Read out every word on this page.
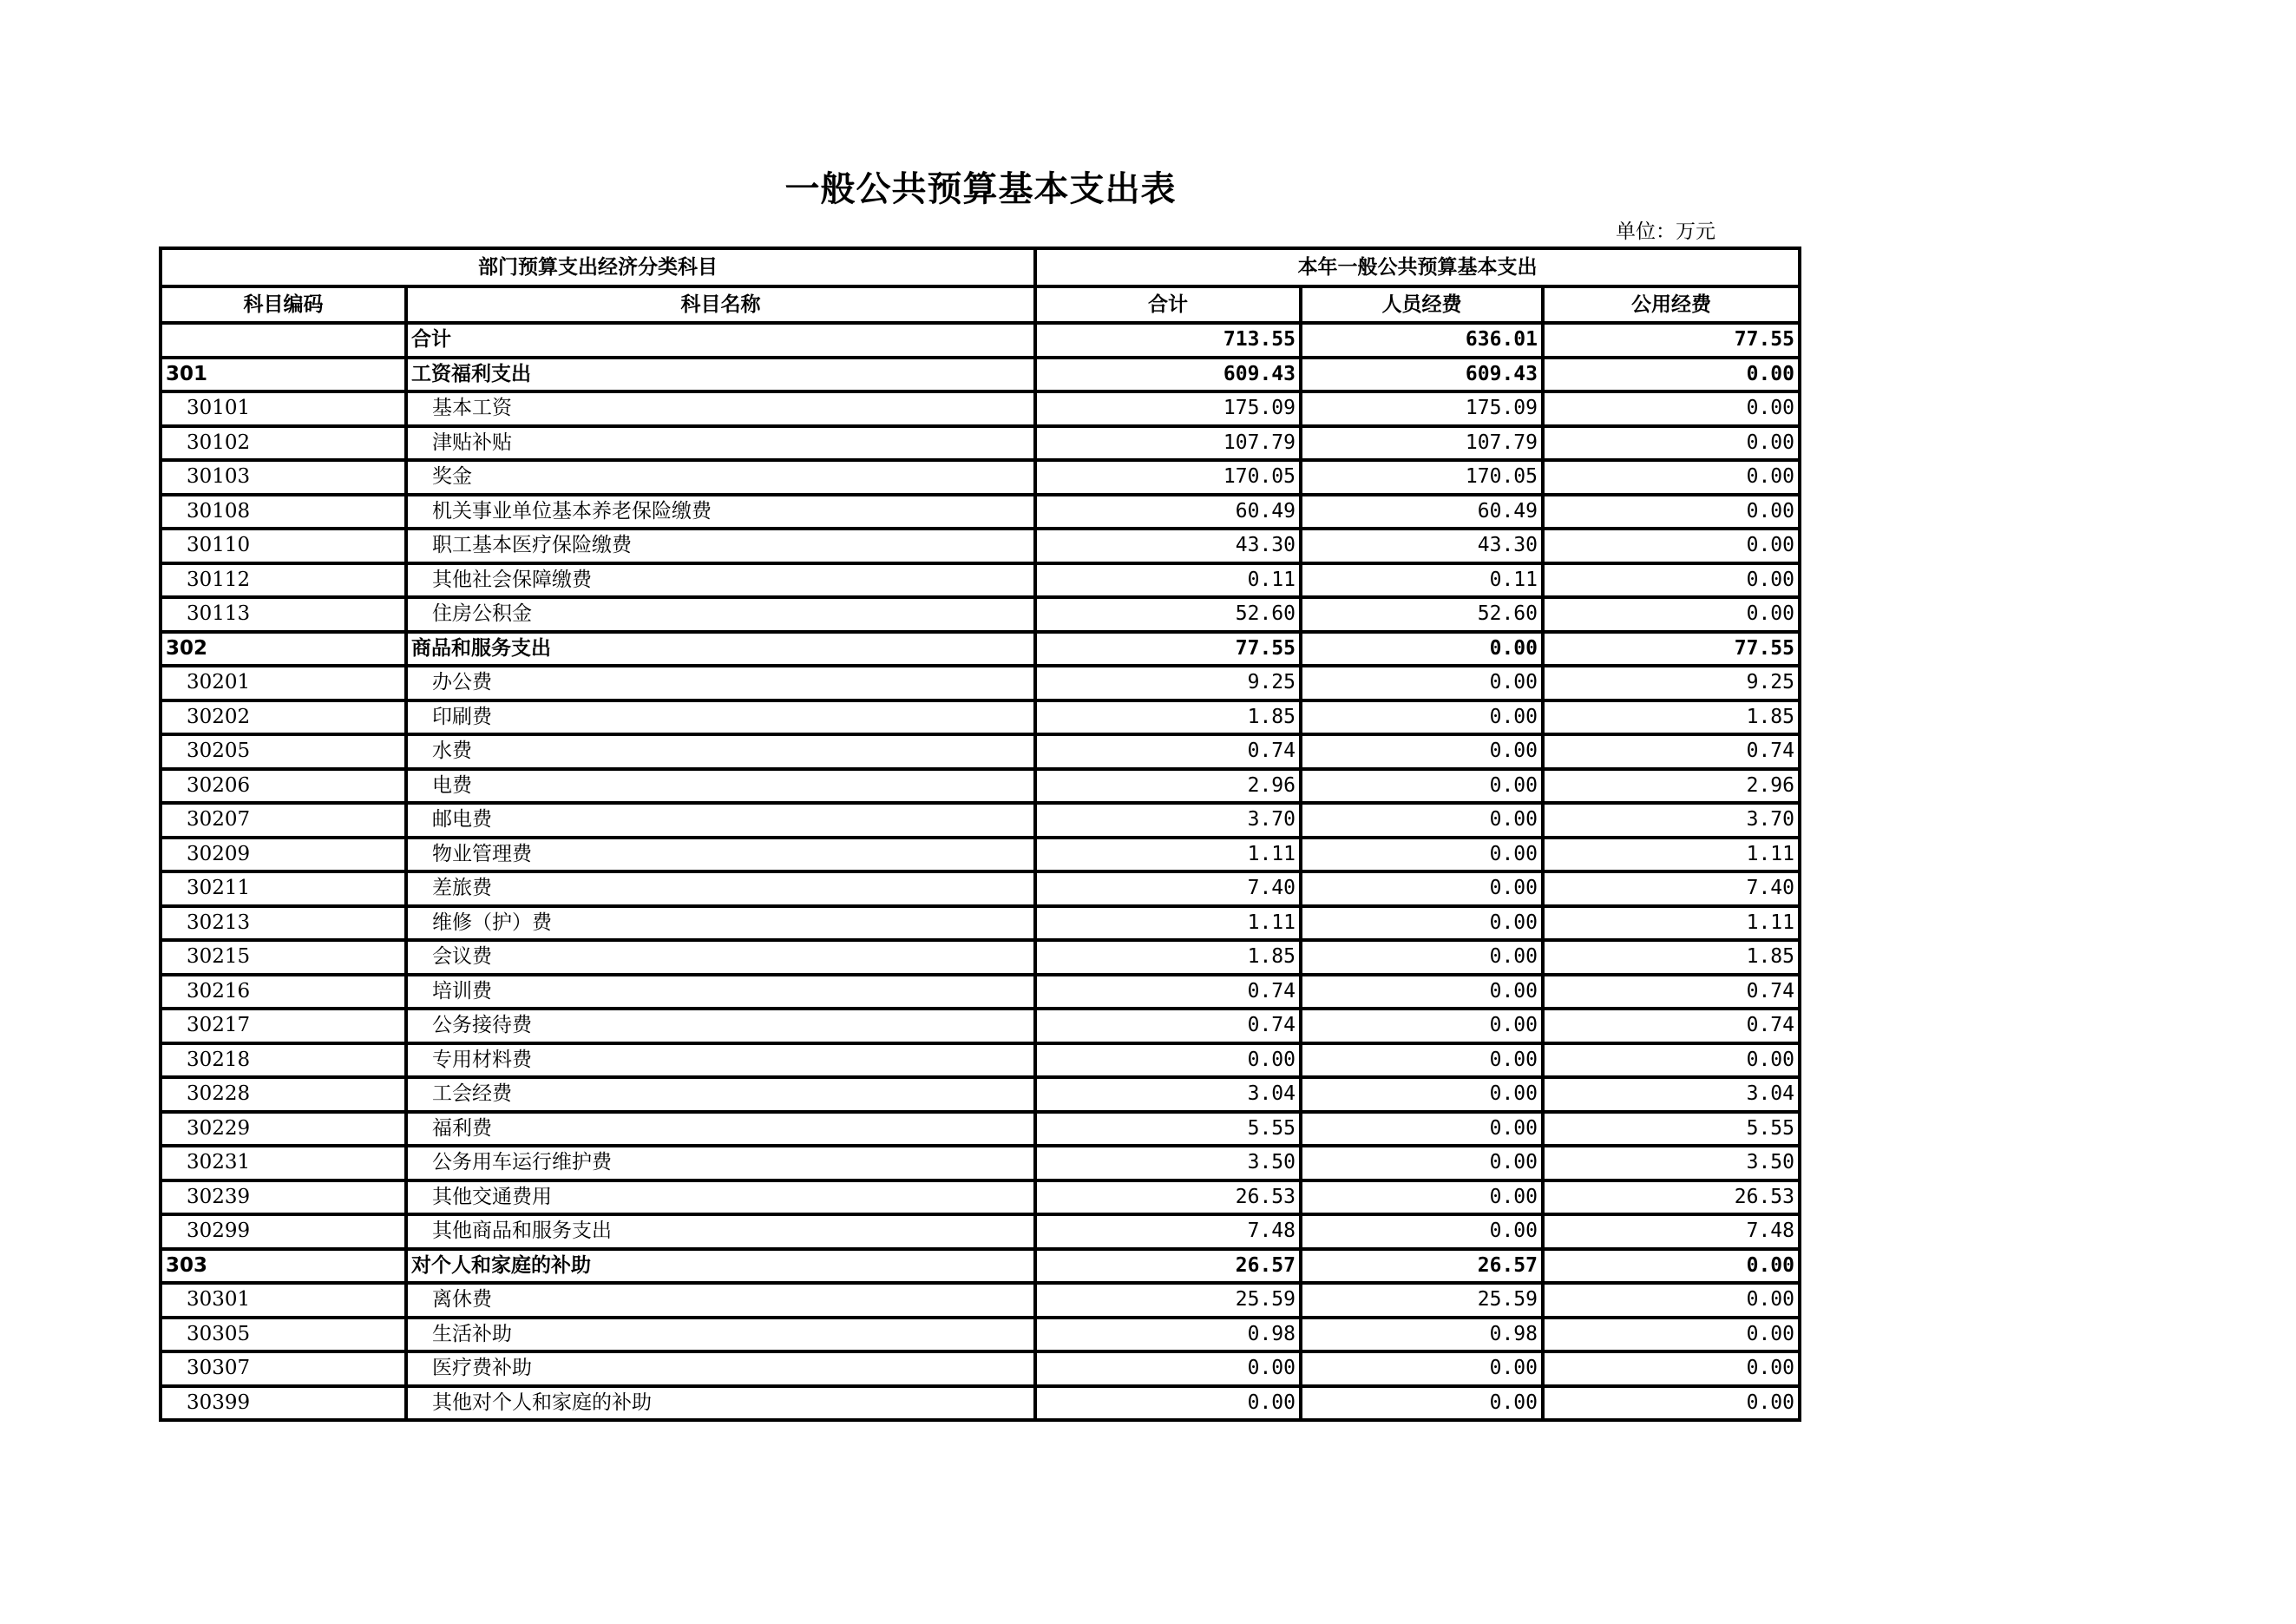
一般公共预算基本支出表
单位：万元
部门预算支出经济分类科目		本年一般公共预算基本支出		
科目编码	科目名称	合计	人员经费	公用经费
	合计	713.55	636.01	77.55
301	工资福利支出	609.43	609.43	0.00
30101	基本工资	175.09	175.09	0.00
30102	津贴补贴	107.79	107.79	0.00
30103	奖金	170.05	170.05	0.00
30108	机关事业单位基本养老保险缴费	60.49	60.49	0.00
30110	职工基本医疗保险缴费	43.30	43.30	0.00
30112	其他社会保障缴费	0.11	0.11	0.00
30113	住房公积金	52.60	52.60	0.00
302	商品和服务支出	77.55	0.00	77.55
30201	办公费	9.25	0.00	9.25
30202	印刷费	1.85	0.00	1.85
30205	水费	0.74	0.00	0.74
30206	电费	2.96	0.00	2.96
30207	邮电费	3.70	0.00	3.70
30209	物业管理费	1.11	0.00	1.11
30211	差旅费	7.40	0.00	7.40
30213	维修（护）费	1.11	0.00	1.11
30215	会议费	1.85	0.00	1.85
30216	培训费	0.74	0.00	0.74
30217	公务接待费	0.74	0.00	0.74
30218	专用材料费	0.00	0.00	0.00
30228	工会经费	3.04	0.00	3.04
30229	福利费	5.55	0.00	5.55
30231	公务用车运行维护费	3.50	0.00	3.50
30239	其他交通费用	26.53	0.00	26.53
30299	其他商品和服务支出	7.48	0.00	7.48
303	对个人和家庭的补助	26.57	26.57	0.00
30301	离休费	25.59	25.59	0.00
30305	生活补助	0.98	0.98	0.00
30307	医疗费补助	0.00	0.00	0.00
30399	其他对个人和家庭的补助	0.00	0.00	0.00
